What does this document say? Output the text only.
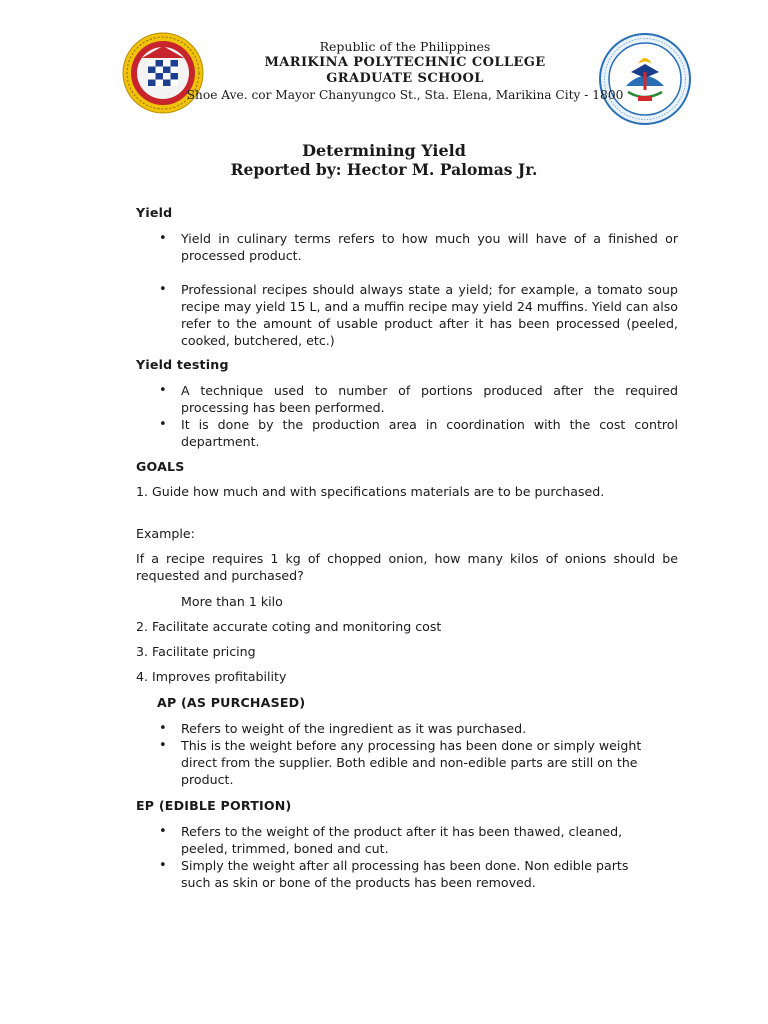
Republic of the Philippines
MARIKINA POLYTECHNIC COLLEGE
GRADUATE SCHOOL
Shoe Ave. cor Mayor Chanyungco St., Sta. Elena, Marikina City - 1800
Determining Yield
Reported by: Hector M. Palomas Jr.
Yield
• Yield in culinary terms refers to how much you will have of a finished or processed product.
• Professional recipes should always state a yield; for example, a tomato soup recipe may yield 15 L, and a muffin recipe may yield 24 muffins. Yield can also refer to the amount of usable product after it has been processed (peeled, cooked, butchered, etc.)
Yield testing
• A technique used to number of portions produced after the required processing has been performed.
• It is done by the production area in coordination with the cost control department.
GOALS
1. Guide how much and with specifications materials are to be purchased.
Example:
If a recipe requires 1 kg of chopped onion, how many kilos of onions should be requested and purchased?
More than 1 kilo
2. Facilitate accurate coting and monitoring cost
3. Facilitate pricing
4. Improves profitability
AP (AS PURCHASED)
• Refers to weight of the ingredient as it was purchased.
• This is the weight before any processing has been done or simply weight direct from the supplier. Both edible and non-edible parts are still on the product.
EP (EDIBLE PORTION)
• Refers to the weight of the product after it has been thawed, cleaned, peeled, trimmed, boned and cut.
• Simply the weight after all processing has been done. Non edible parts such as skin or bone of the products has been removed.
